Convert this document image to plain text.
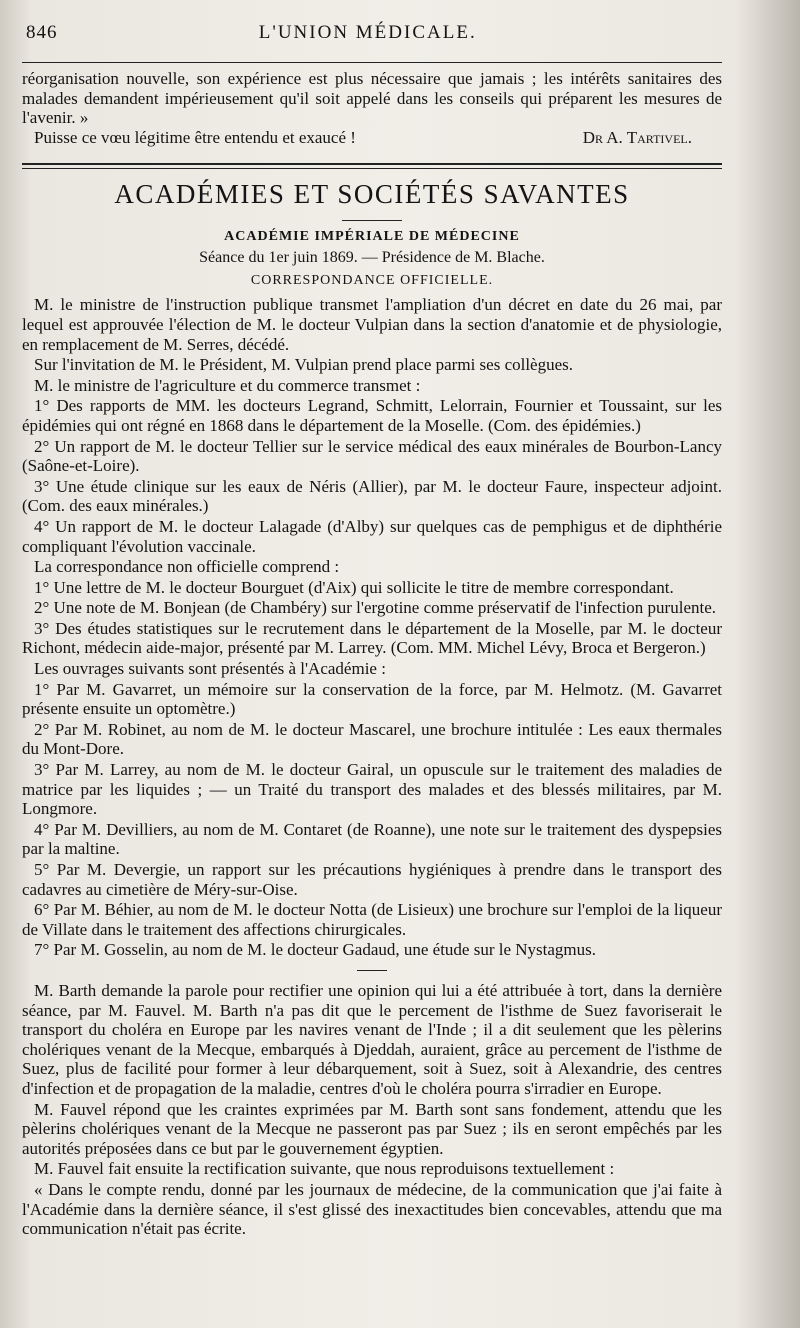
846	L'UNION MÉDICALE.

réorganisation nouvelle, son expérience est plus nécessaire que jamais ; les intérêts sanitaires des malades demandent impérieusement qu'il soit appelé dans les conseils qui préparent les mesures de l'avenir. »

Puisse ce vœu légitime être entendu et exaucé !	Dr A. Tartivel.
ACADÉMIES ET SOCIÉTÉS SAVANTES
ACADÉMIE IMPÉRIALE DE MÉDECINE
Séance du 1er juin 1869. — Présidence de M. Blache.
CORRESPONDANCE OFFICIELLE.

M. le ministre de l'instruction publique transmet l'ampliation d'un décret en date du 26 mai, par lequel est approuvée l'élection de M. le docteur Vulpian dans la section d'anatomie et de physiologie, en remplacement de M. Serres, décédé.

Sur l'invitation de M. le Président, M. Vulpian prend place parmi ses collègues.

M. le ministre de l'agriculture et du commerce transmet :

1° Des rapports de MM. les docteurs Legrand, Schmitt, Lelorrain, Fournier et Toussaint, sur les épidémies qui ont régné en 1868 dans le département de la Moselle. (Com. des épidémies.)

2° Un rapport de M. le docteur Tellier sur le service médical des eaux minérales de Bourbon-Lancy (Saône-et-Loire).

3° Une étude clinique sur les eaux de Néris (Allier), par M. le docteur Faure, inspecteur adjoint. (Com. des eaux minérales.)

4° Un rapport de M. le docteur Lalagade (d'Alby) sur quelques cas de pemphigus et de diphthérie compliquant l'évolution vaccinale.

La correspondance non officielle comprend :

1° Une lettre de M. le docteur Bourguet (d'Aix) qui sollicite le titre de membre correspondant.

2° Une note de M. Bonjean (de Chambéry) sur l'ergotine comme préservatif de l'infection purulente.

3° Des études statistiques sur le recrutement dans le département de la Moselle, par M. le docteur Richont, médecin aide-major, présenté par M. Larrey. (Com. MM. Michel Lévy, Broca et Bergeron.)

Les ouvrages suivants sont présentés à l'Académie :

1° Par M. Gavarret, un mémoire sur la conservation de la force, par M. Helmotz. (M. Gavarret présente ensuite un optomètre.)

2° Par M. Robinet, au nom de M. le docteur Mascarel, une brochure intitulée : Les eaux thermales du Mont-Dore.

3° Par M. Larrey, au nom de M. le docteur Gairal, un opuscule sur le traitement des maladies de matrice par les liquides ; — un Traité du transport des malades et des blessés militaires, par M. Longmore.

4° Par M. Devilliers, au nom de M. Contaret (de Roanne), une note sur le traitement des dyspepsies par la maltine.

5° Par M. Devergie, un rapport sur les précautions hygiéniques à prendre dans le transport des cadavres au cimetière de Méry-sur-Oise.

6° Par M. Béhier, au nom de M. le docteur Notta (de Lisieux) une brochure sur l'emploi de la liqueur de Villate dans le traitement des affections chirurgicales.

7° Par M. Gosselin, au nom de M. le docteur Gadaud, une étude sur le Nystagmus.

M. Barth demande la parole pour rectifier une opinion qui lui a été attribuée à tort, dans la dernière séance, par M. Fauvel. M. Barth n'a pas dit que le percement de l'isthme de Suez favoriserait le transport du choléra en Europe par les navires venant de l'Inde ; il a dit seulement que les pèlerins cholériques venant de la Mecque, embarqués à Djeddah, auraient, grâce au percement de l'isthme de Suez, plus de facilité pour former à leur débarquement, soit à Suez, soit à Alexandrie, des centres d'infection et de propagation de la maladie, centres d'où le choléra pourra s'irradier en Europe.

M. Fauvel répond que les craintes exprimées par M. Barth sont sans fondement, attendu que les pèlerins cholériques venant de la Mecque ne passeront pas par Suez ; ils en seront empêchés par les autorités préposées dans ce but par le gouvernement égyptien.

M. Fauvel fait ensuite la rectification suivante, que nous reproduisons textuellement :

« Dans le compte rendu, donné par les journaux de médecine, de la communication que j'ai faite à l'Académie dans la dernière séance, il s'est glissé des inexactitudes bien concevables, attendu que ma communication n'était pas écrite.
